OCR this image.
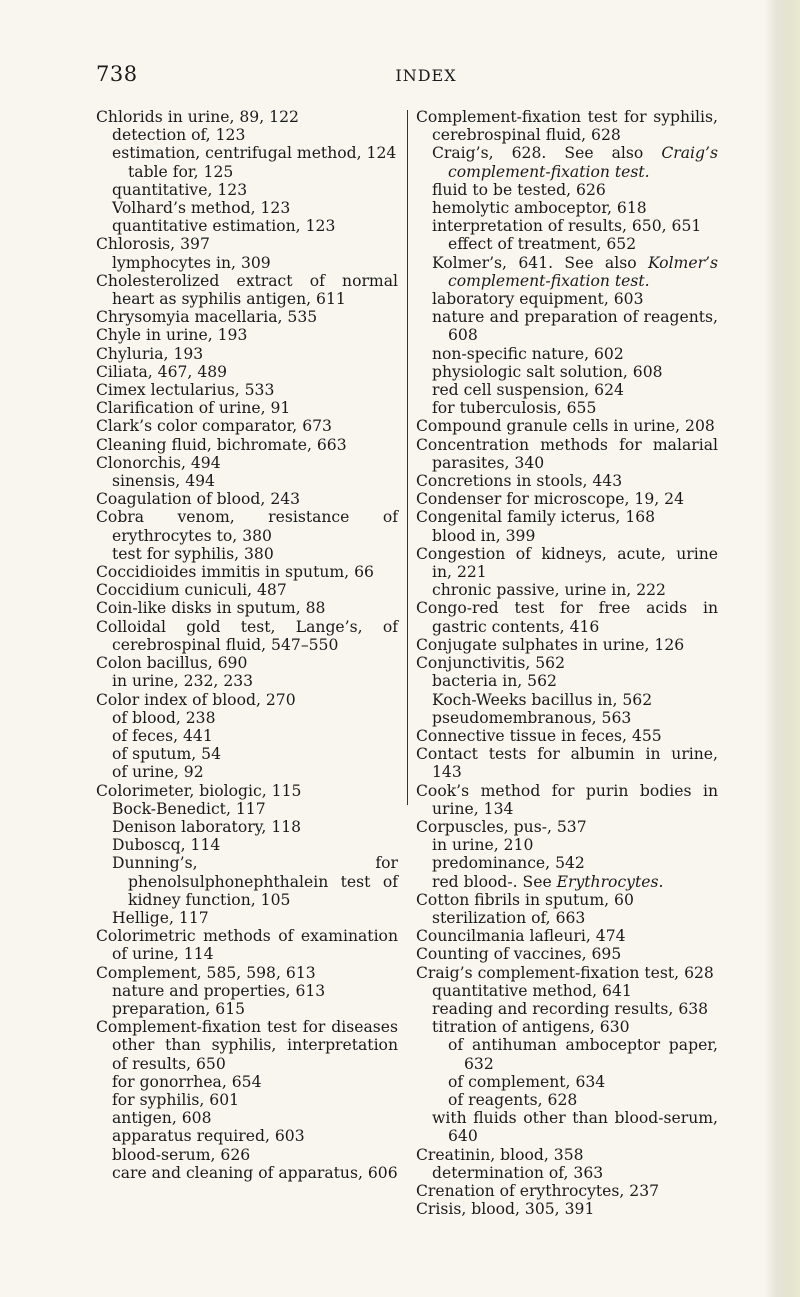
738	INDEX
Chlorids in urine, 89, 122
detection of, 123
estimation, centrifugal method, 124
table for, 125
quantitative, 123
Volhard’s method, 123
quantitative estimation, 123
Chlorosis, 397
lymphocytes in, 309
Cholesterolized extract of normal heart as syphilis antigen, 611
Chrysomyia macellaria, 535
Chyle in urine, 193
Chyluria, 193
Ciliata, 467, 489
Cimex lectularius, 533
Clarification of urine, 91
Clark’s color comparator, 673
Cleaning fluid, bichromate, 663
Clonorchis, 494
sinensis, 494
Coagulation of blood, 243
Cobra venom, resistance of erythrocytes to, 380
test for syphilis, 380
Coccidioides immitis in sputum, 66
Coccidium cuniculi, 487
Coin-like disks in sputum, 88
Colloidal gold test, Lange’s, of cerebrospinal fluid, 547–550
Colon bacillus, 690
in urine, 232, 233
Color index of blood, 270
of blood, 238
of feces, 441
of sputum, 54
of urine, 92
Colorimeter, biologic, 115
Bock-Benedict, 117
Denison laboratory, 118
Duboscq, 114
Dunning’s, for phenolsulphonephthalein test of kidney function, 105
Hellige, 117
Colorimetric methods of examination of urine, 114
Complement, 585, 598, 613
nature and properties, 613
preparation, 615
Complement-fixation test for diseases other than syphilis, interpretation of results, 650
for gonorrhea, 654
for syphilis, 601
antigen, 608
apparatus required, 603
blood-serum, 626
care and cleaning of apparatus, 606
Complement-fixation test for syphilis, cerebrospinal fluid, 628
Craig’s, 628. See also Craig’s complement-fixation test.
fluid to be tested, 626
hemolytic amboceptor, 618
interpretation of results, 650, 651
effect of treatment, 652
Kolmer’s, 641. See also Kolmer’s complement-fixation test.
laboratory equipment, 603
nature and preparation of reagents, 608
non-specific nature, 602
physiologic salt solution, 608
red cell suspension, 624
for tuberculosis, 655
Compound granule cells in urine, 208
Concentration methods for malarial parasites, 340
Concretions in stools, 443
Condenser for microscope, 19, 24
Congenital family icterus, 168
blood in, 399
Congestion of kidneys, acute, urine in, 221
chronic passive, urine in, 222
Congo-red test for free acids in gastric contents, 416
Conjugate sulphates in urine, 126
Conjunctivitis, 562
bacteria in, 562
Koch-Weeks bacillus in, 562
pseudomembranous, 563
Connective tissue in feces, 455
Contact tests for albumin in urine, 143
Cook’s method for purin bodies in urine, 134
Corpuscles, pus-, 537
in urine, 210
predominance, 542
red blood-. See Erythrocytes.
Cotton fibrils in sputum, 60
sterilization of, 663
Councilmania lafleuri, 474
Counting of vaccines, 695
Craig’s complement-fixation test, 628
quantitative method, 641
reading and recording results, 638
titration of antigens, 630
of antihuman amboceptor paper, 632
of complement, 634
of reagents, 628
with fluids other than blood-serum, 640
Creatinin, blood, 358
determination of, 363
Crenation of erythrocytes, 237
Crisis, blood, 305, 391
